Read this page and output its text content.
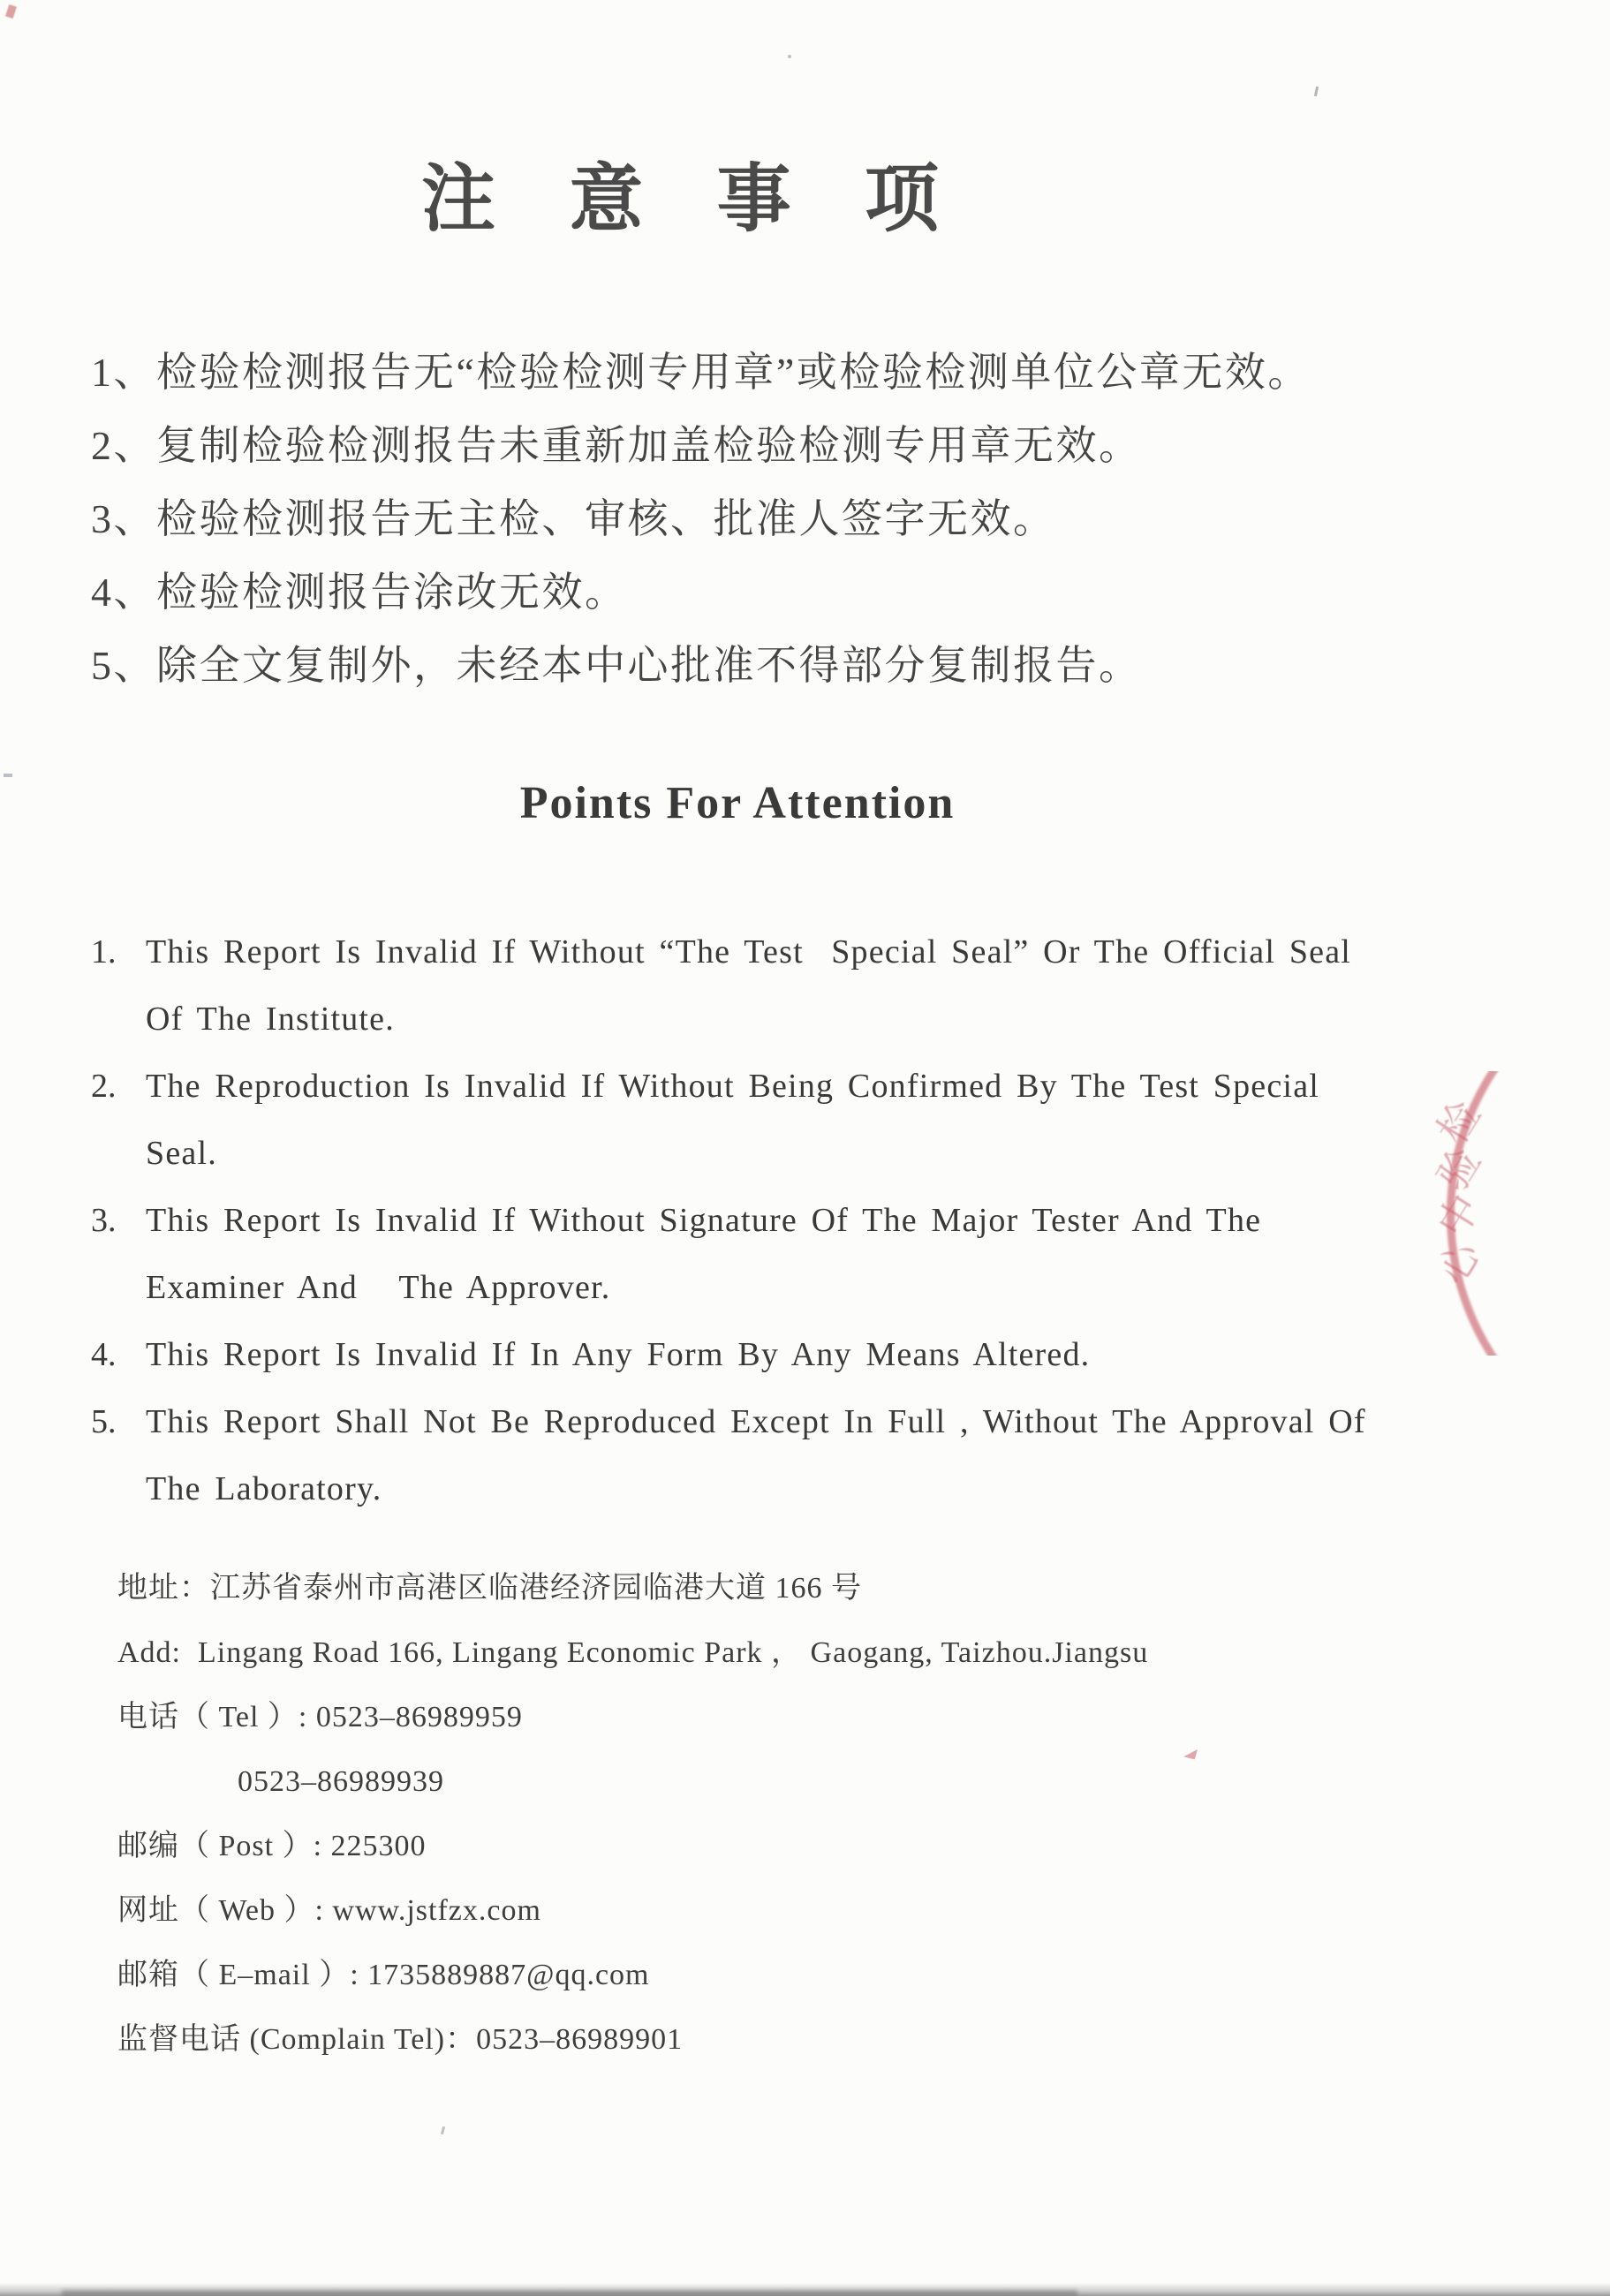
注 意 事 项
1、检验检测报告无“检验检测专用章”或检验检测单位公章无效。
2、复制检验检测报告未重新加盖检验检测专用章无效。
3、检验检测报告无主检、审核、批准人签字无效。
4、检验检测报告涂改无效。
5、除全文复制外，未经本中心批准不得部分复制报告。
Points For Attention
1. This Report Is Invalid If Without “The Test  Special Seal” Or The Official Seal
Of The Institute.
2. The Reproduction Is Invalid If Without Being Confirmed By The Test Special
Seal.
3. This Report Is Invalid If Without Signature Of The Major Tester And The
Examiner And   The Approver.
4. This Report Is Invalid If In Any Form By Any Means Altered.
5. This Report Shall Not Be Reproduced Except In Full , Without The Approval Of
The Laboratory.
地址：江苏省泰州市高港区临港经济园临港大道 166 号
Add:  Lingang Road 166, Lingang Economic Park ， Gaogang, Taizhou.Jiangsu
电话（ Tel ）: 0523–86989959
0523–86989939
邮编（ Post ）: 225300
网址（ Web ）: www.jstfzx.com
邮箱（ E–mail ）: 1735889887@qq.com
监督电话 (Complain Tel)：0523–86989901
检
验
中
心
